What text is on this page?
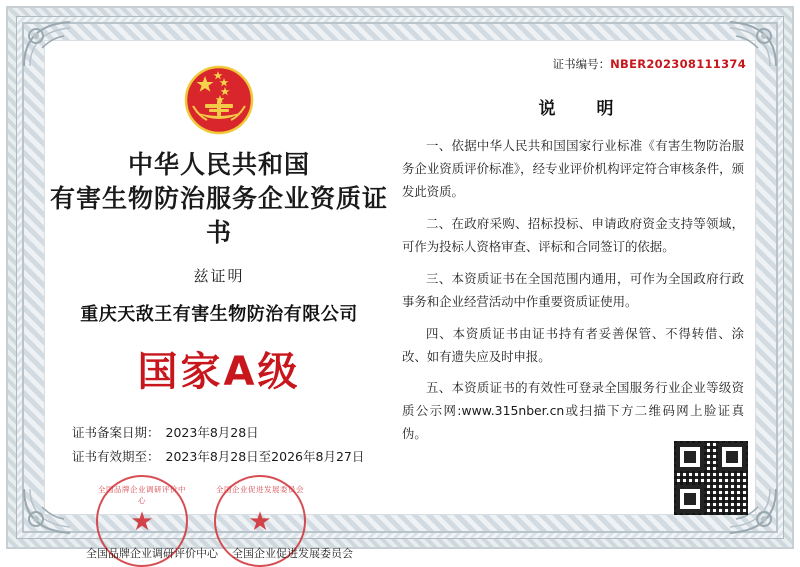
中华人民共和国
有害生物防治服务企业资质证书
兹证明
重庆天敌王有害生物防治有限公司
国家A级
证书备案日期： 2023年8月28日
证书有效期至： 2023年8月28日至2026年8月27日
全国品牌企业调研评价中心
★
全国企业促进发展委员会
★
全国品牌企业调研评价中心 全国企业促进发展委员会
证书编号：NBER202308111374
说　明
一、依据中华人民共和国国家行业标准《有害生物防治服务企业资质评价标准》，经专业评价机构评定符合审核条件，颁发此资质。
二、在政府采购、招标投标、申请政府资金支持等领域，可作为投标人资格审查、评标和合同签订的依据。
三、本资质证书在全国范围内通用，可作为全国政府行政事务和企业经营活动中作重要资质证使用。
四、本资质证书由证书持有者妥善保管、不得转借、涂改、如有遗失应及时申报。
五、本资质证书的有效性可登录全国服务行业企业等级资质公示网:www.315nber.cn或扫描下方二维码网上脸证真伪。
